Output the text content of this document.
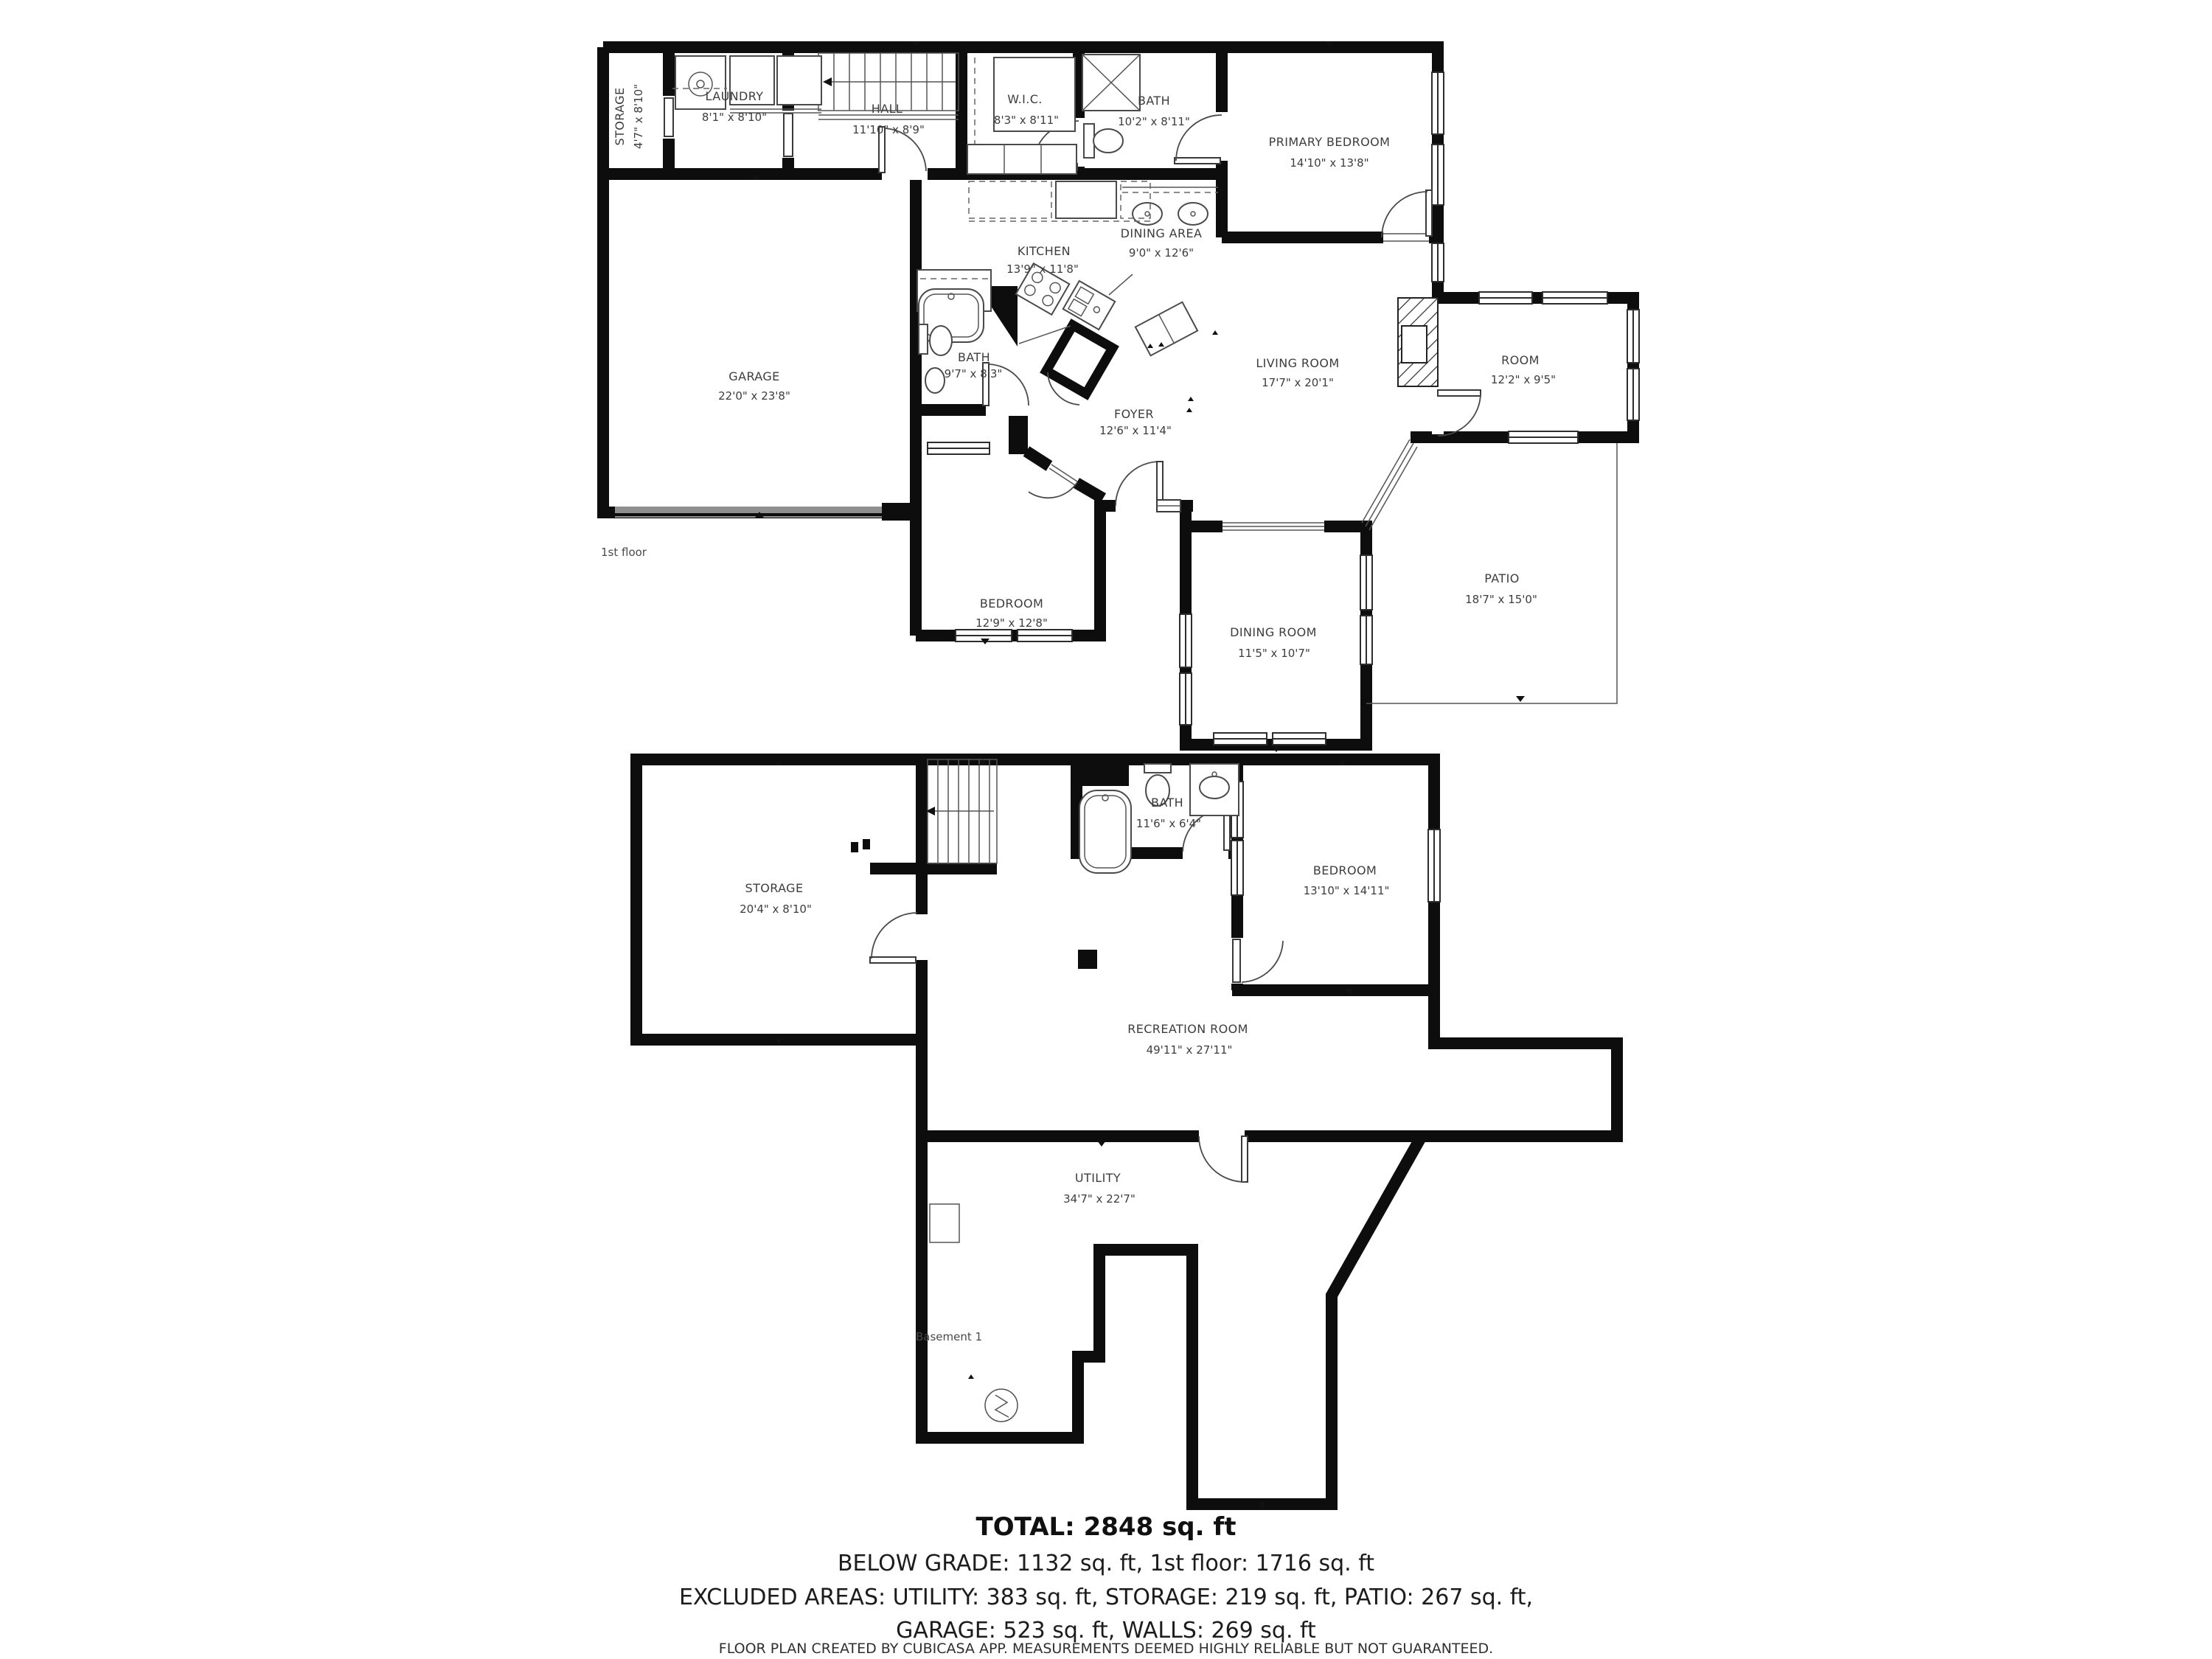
STORAGE 4'7" x 8'10"	LAUNDRY
8'1" x 8'10"
HALL
11'10" x 8'9"
W.I.C.
8'3" x 8'11"
BATH
10'2" x 8'11"
PRIMARY BEDROOM
14'10" x 13'8"
KITCHEN
13'9" x 11'8"
DINING AREA
9'0" x 12'6"
GARAGE
22'0" x 23'8"
BATH
9'7" x 8'3"
LIVING ROOM
17'7" x 20'1"
ROOM
12'2" x 9'5"
FOYER
12'6" x 11'4"
BEDROOM
12'9" x 12'8"
DINING ROOM
11'5" x 10'7"
PATIO
18'7" x 15'0"
1st floor
STORAGE
20'4" x 8'10"
BATH
11'6" x 6'4"
BEDROOM
13'10" x 14'11"
RECREATION ROOM
49'11" x 27'11"
UTILITY
34'7" x 22'7"
Basement 1
TOTAL: 2848 sq. ft
BELOW GRADE: 1132 sq. ft, 1st floor: 1716 sq. ft
EXCLUDED AREAS: UTILITY: 383 sq. ft, STORAGE: 219 sq. ft, PATIO: 267 sq. ft,
GARAGE: 523 sq. ft, WALLS: 269 sq. ft
FLOOR PLAN CREATED BY CUBICASA APP. MEASUREMENTS DEEMED HIGHLY RELIABLE BUT NOT GUARANTEED.
